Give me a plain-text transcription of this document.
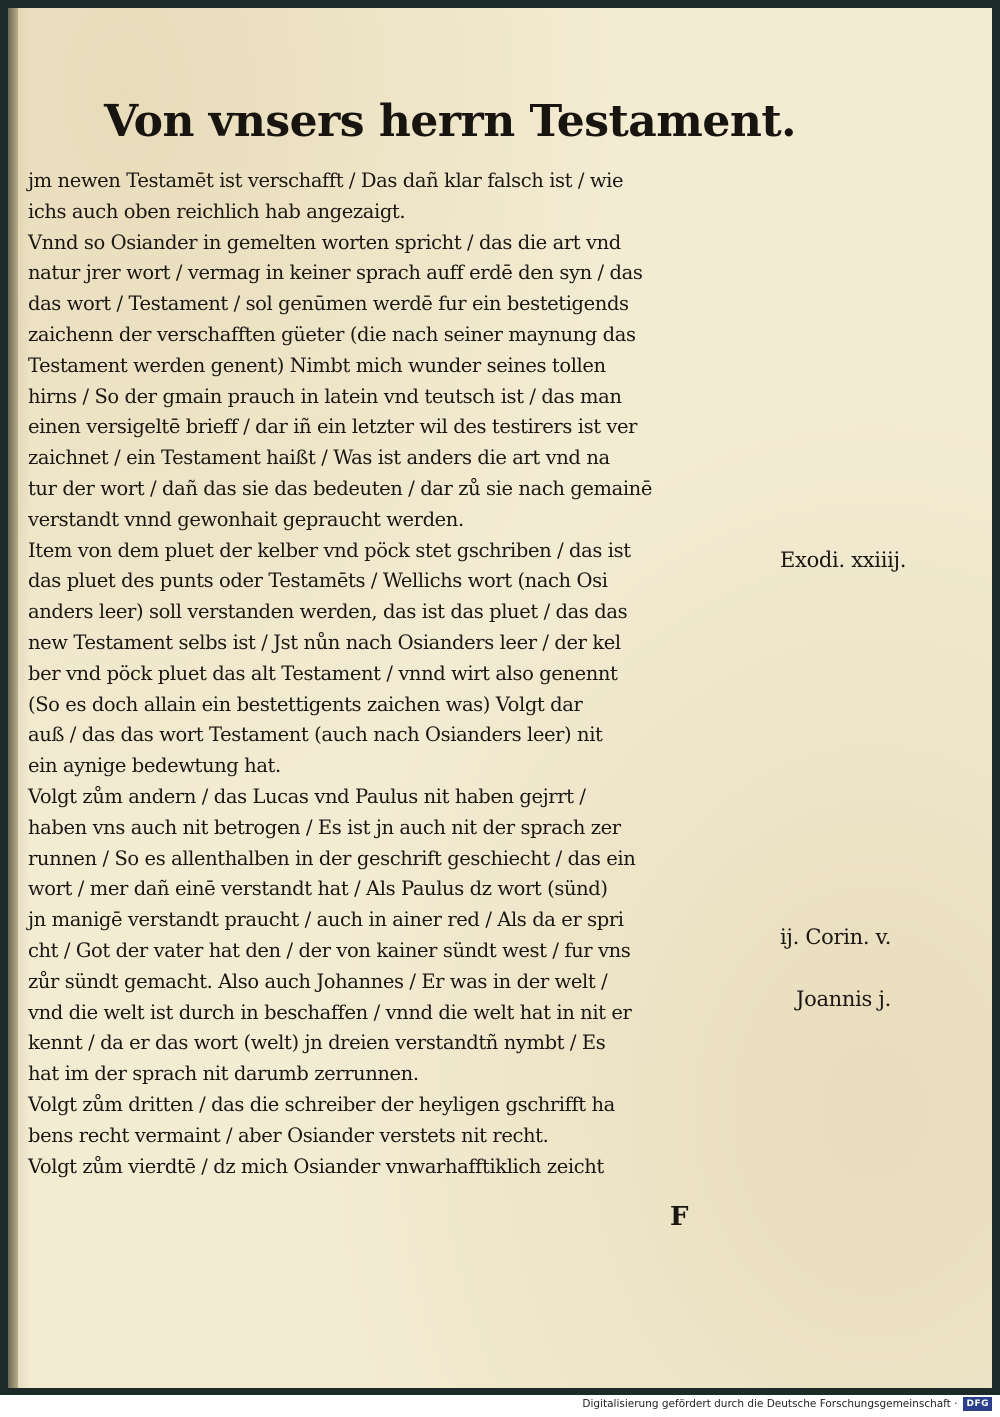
Von vnsers herrn Testament.
jm newen Testamēt ist verschafft / Das dañ klar falsch ist / wie
ichs auch oben reichlich hab angezaigt.
Vnnd so Osiander in gemelten worten spricht / das die art vnd
natur jrer wort / vermag in keiner sprach auff erdē den syn / das
das wort / Testament / sol genūmen werdē fur ein bestetigends
zaichenn der verschafften güeter (die nach seiner maynung das
Testament werden genent) Nimbt mich wunder seines tollen
hirns / So der gmain prauch in latein vnd teutsch ist / das man
einen versigeltē brieff / dar iñ ein letzter wil des testirers ist ver
zaichnet / ein Testament haißt / Was ist anders die art vnd na
tur der wort / dañ das sie das bedeuten / dar zů sie nach gemainē
verstandt vnnd gewonhait gepraucht werden.
Item von dem pluet der kelber vnd pöck stet gschriben / das ist
das pluet des punts oder Testamēts / Wellichs wort (nach Osi
anders leer) soll verstanden werden, das ist das pluet / das das
new Testament selbs ist / Jst nůn nach Osianders leer / der kel
ber vnd pöck pluet das alt Testament / vnnd wirt also genennt
(So es doch allain ein bestettigents zaichen was) Volgt dar
auß / das das wort Testament (auch nach Osianders leer) nit
ein aynige bedewtung hat.
Volgt zům andern / das Lucas vnd Paulus nit haben gejrrt /
haben vns auch nit betrogen / Es ist jn auch nit der sprach zer
runnen / So es allenthalben in der geschrift geschiecht / das ein
wort / mer dañ einē verstandt hat / Als Paulus dz wort (sünd)
jn manigē verstandt praucht / auch in ainer red / Als da er spri
cht / Got der vater hat den / der von kainer sündt west / fur vns
zůr sündt gemacht. Also auch Johannes / Er was in der welt /
vnd die welt ist durch in beschaffen / vnnd die welt hat in nit er
kennt / da er das wort (welt) jn dreien verstandtñ nymbt / Es
hat im der sprach nit darumb zerrunnen.
Volgt zům dritten / das die schreiber der heyligen gschrifft ha
bens recht vermaint / aber Osiander verstets nit recht.
Volgt zům vierdtē / dz mich Osiander vnwarhafftiklich zeicht
Exodi. xxiiij.
ij. Corin. v.
Joannis j.
F
Digitalisierung gefördert durch die Deutsche Forschungsgemeinschaft ·	DFG
